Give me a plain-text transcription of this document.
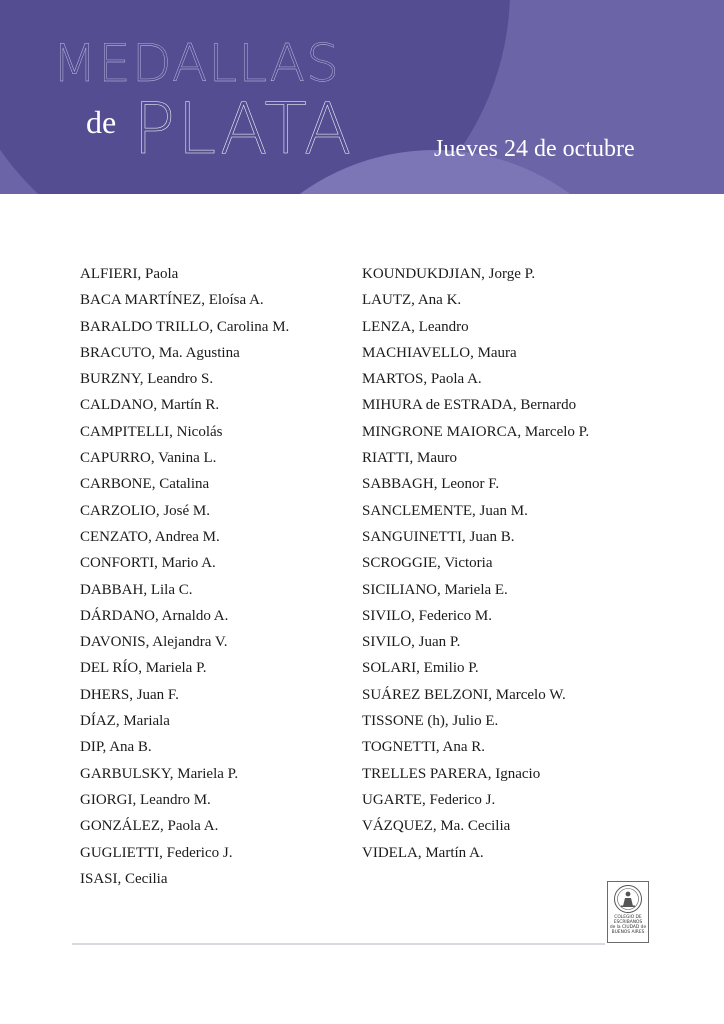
MEDALLAS
de PLATA	Jueves 24 de octubre
ALFIERI, Paola
BACA MARTÍNEZ, Eloísa A.
BARALDO TRILLO, Carolina M.
BRACUTO, Ma. Agustina
BURZNY, Leandro S.
CALDANO, Martín R.
CAMPITELLI, Nicolás
CAPURRO, Vanina L.
CARBONE, Catalina
CARZOLIO, José M.
CENZATO, Andrea M.
CONFORTI, Mario A.
DABBAH, Lila C.
DÁRDANO, Arnaldo A.
DAVONIS, Alejandra V.
DEL RÍO, Mariela P.
DHERS, Juan F.
DÍAZ, Mariala
DIP, Ana B.
GARBULSKY, Mariela P.
GIORGI, Leandro M.
GONZÁLEZ, Paola A.
GUGLIETTI, Federico J.
ISASI, Cecilia
KOUNDUKDJIAN, Jorge P.
LAUTZ, Ana K.
LENZA, Leandro
MACHIAVELLO, Maura
MARTOS, Paola A.
MIHURA de ESTRADA, Bernardo
MINGRONE MAIORCA, Marcelo P.
RIATTI, Mauro
SABBAGH, Leonor F.
SANCLEMENTE, Juan M.
SANGUINETTI, Juan B.
SCROGGIE, Victoria
SICILIANO, Mariela E.
SIVILO, Federico M.
SIVILO, Juan P.
SOLARI, Emilio P.
SUÁREZ BELZONI, Marcelo W.
TISSONE (h), Julio E.
TOGNETTI, Ana R.
TRELLES PARERA, Ignacio
UGARTE, Federico J.
VÁZQUEZ, Ma. Cecilia
VIDELA, Martín A.
COLEGIO DE
ESCRIBANOS
de la CIUDAD de
BUENOS AIRES
